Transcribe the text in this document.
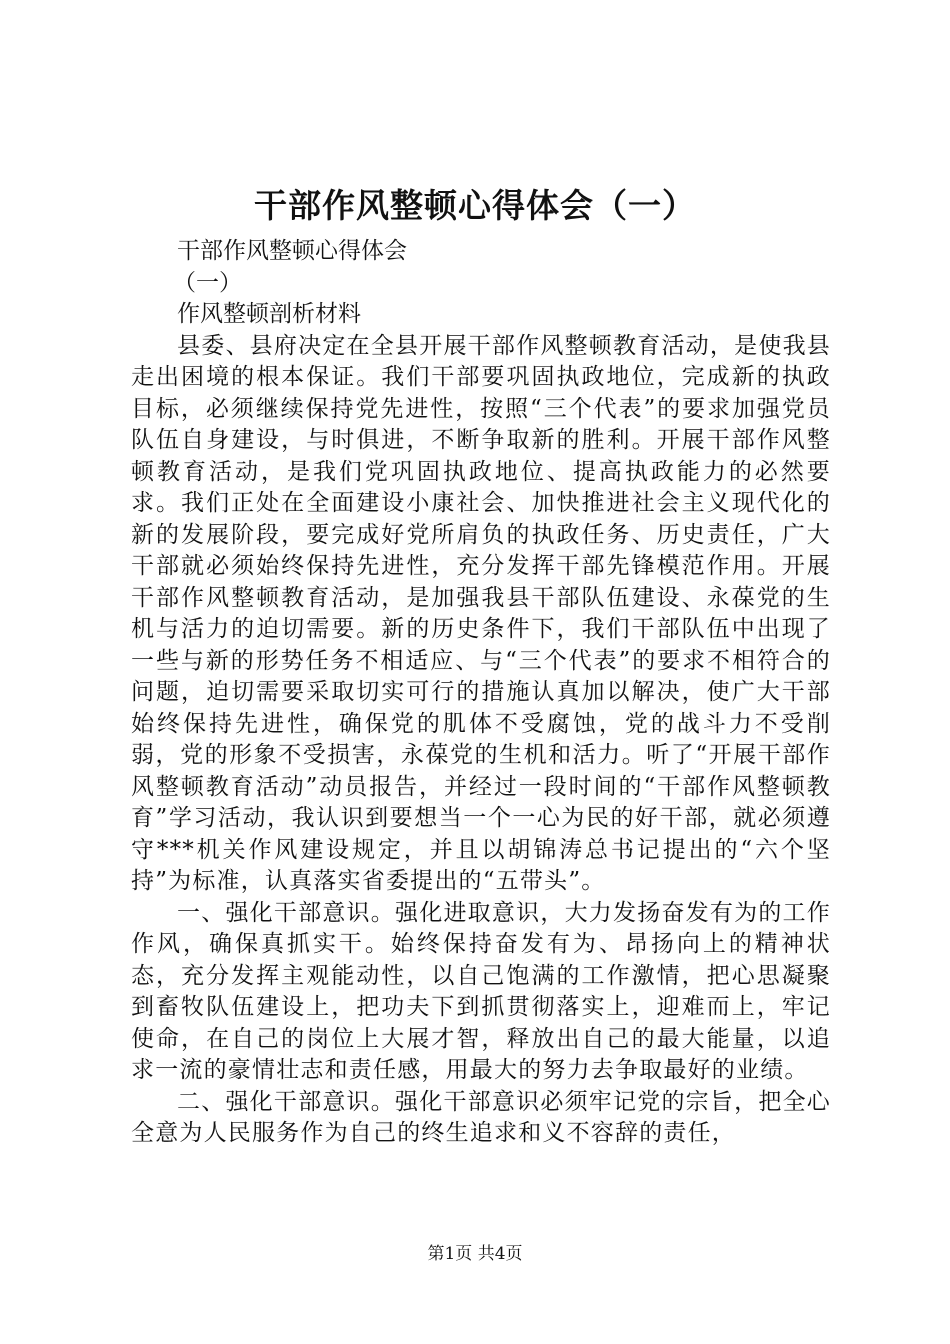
干部作风整顿心得体会（一）

干部作风整顿心得体会

（一）

作风整顿剖析材料

县委、县府决定在全县开展干部作风整顿教育活动，是使我县走出困境的根本保证。我们干部要巩固执政地位，完成新的执政目标，必须继续保持党先进性，按照“三个代表”的要求加强党员队伍自身建设，与时俱进，不断争取新的胜利。开展干部作风整顿教育活动，是我们党巩固执政地位、提高执政能力的必然要求。我们正处在全面建设小康社会、加快推进社会主义现代化的新的发展阶段，要完成好党所肩负的执政任务、历史责任，广大干部就必须始终保持先进性，充分发挥干部先锋模范作用。开展干部作风整顿教育活动，是加强我县干部队伍建设、永葆党的生机与活力的迫切需要。新的历史条件下，我们干部队伍中出现了一些与新的形势任务不相适应、与“三个代表”的要求不相符合的问题，迫切需要采取切实可行的措施认真加以解决，使广大干部始终保持先进性，确保党的肌体不受腐蚀，党的战斗力不受削弱，党的形象不受损害，永葆党的生机和活力。听了“开展干部作风整顿教育活动”动员报告，并经过一段时间的“干部作风整顿教育”学习活动，我认识到要想当一个一心为民的好干部，就必须遵守***机关作风建设规定，并且以胡锦涛总书记提出的“六个坚持”为标准，认真落实省委提出的“五带头”。

一、强化干部意识。强化进取意识，大力发扬奋发有为的工作作风，确保真抓实干。始终保持奋发有为、昂扬向上的精神状态，充分发挥主观能动性，以自己饱满的工作激情，把心思凝聚到畜牧队伍建设上，把功夫下到抓贯彻落实上，迎难而上，牢记使命，在自己的岗位上大展才智，释放出自己的最大能量，以追求一流的豪情壮志和责任感，用最大的努力去争取最好的业绩。

二、强化干部意识。强化干部意识必须牢记党的宗旨，把全心全意为人民服务作为自己的终生追求和义不容辞的责任，

第1页 共4页
